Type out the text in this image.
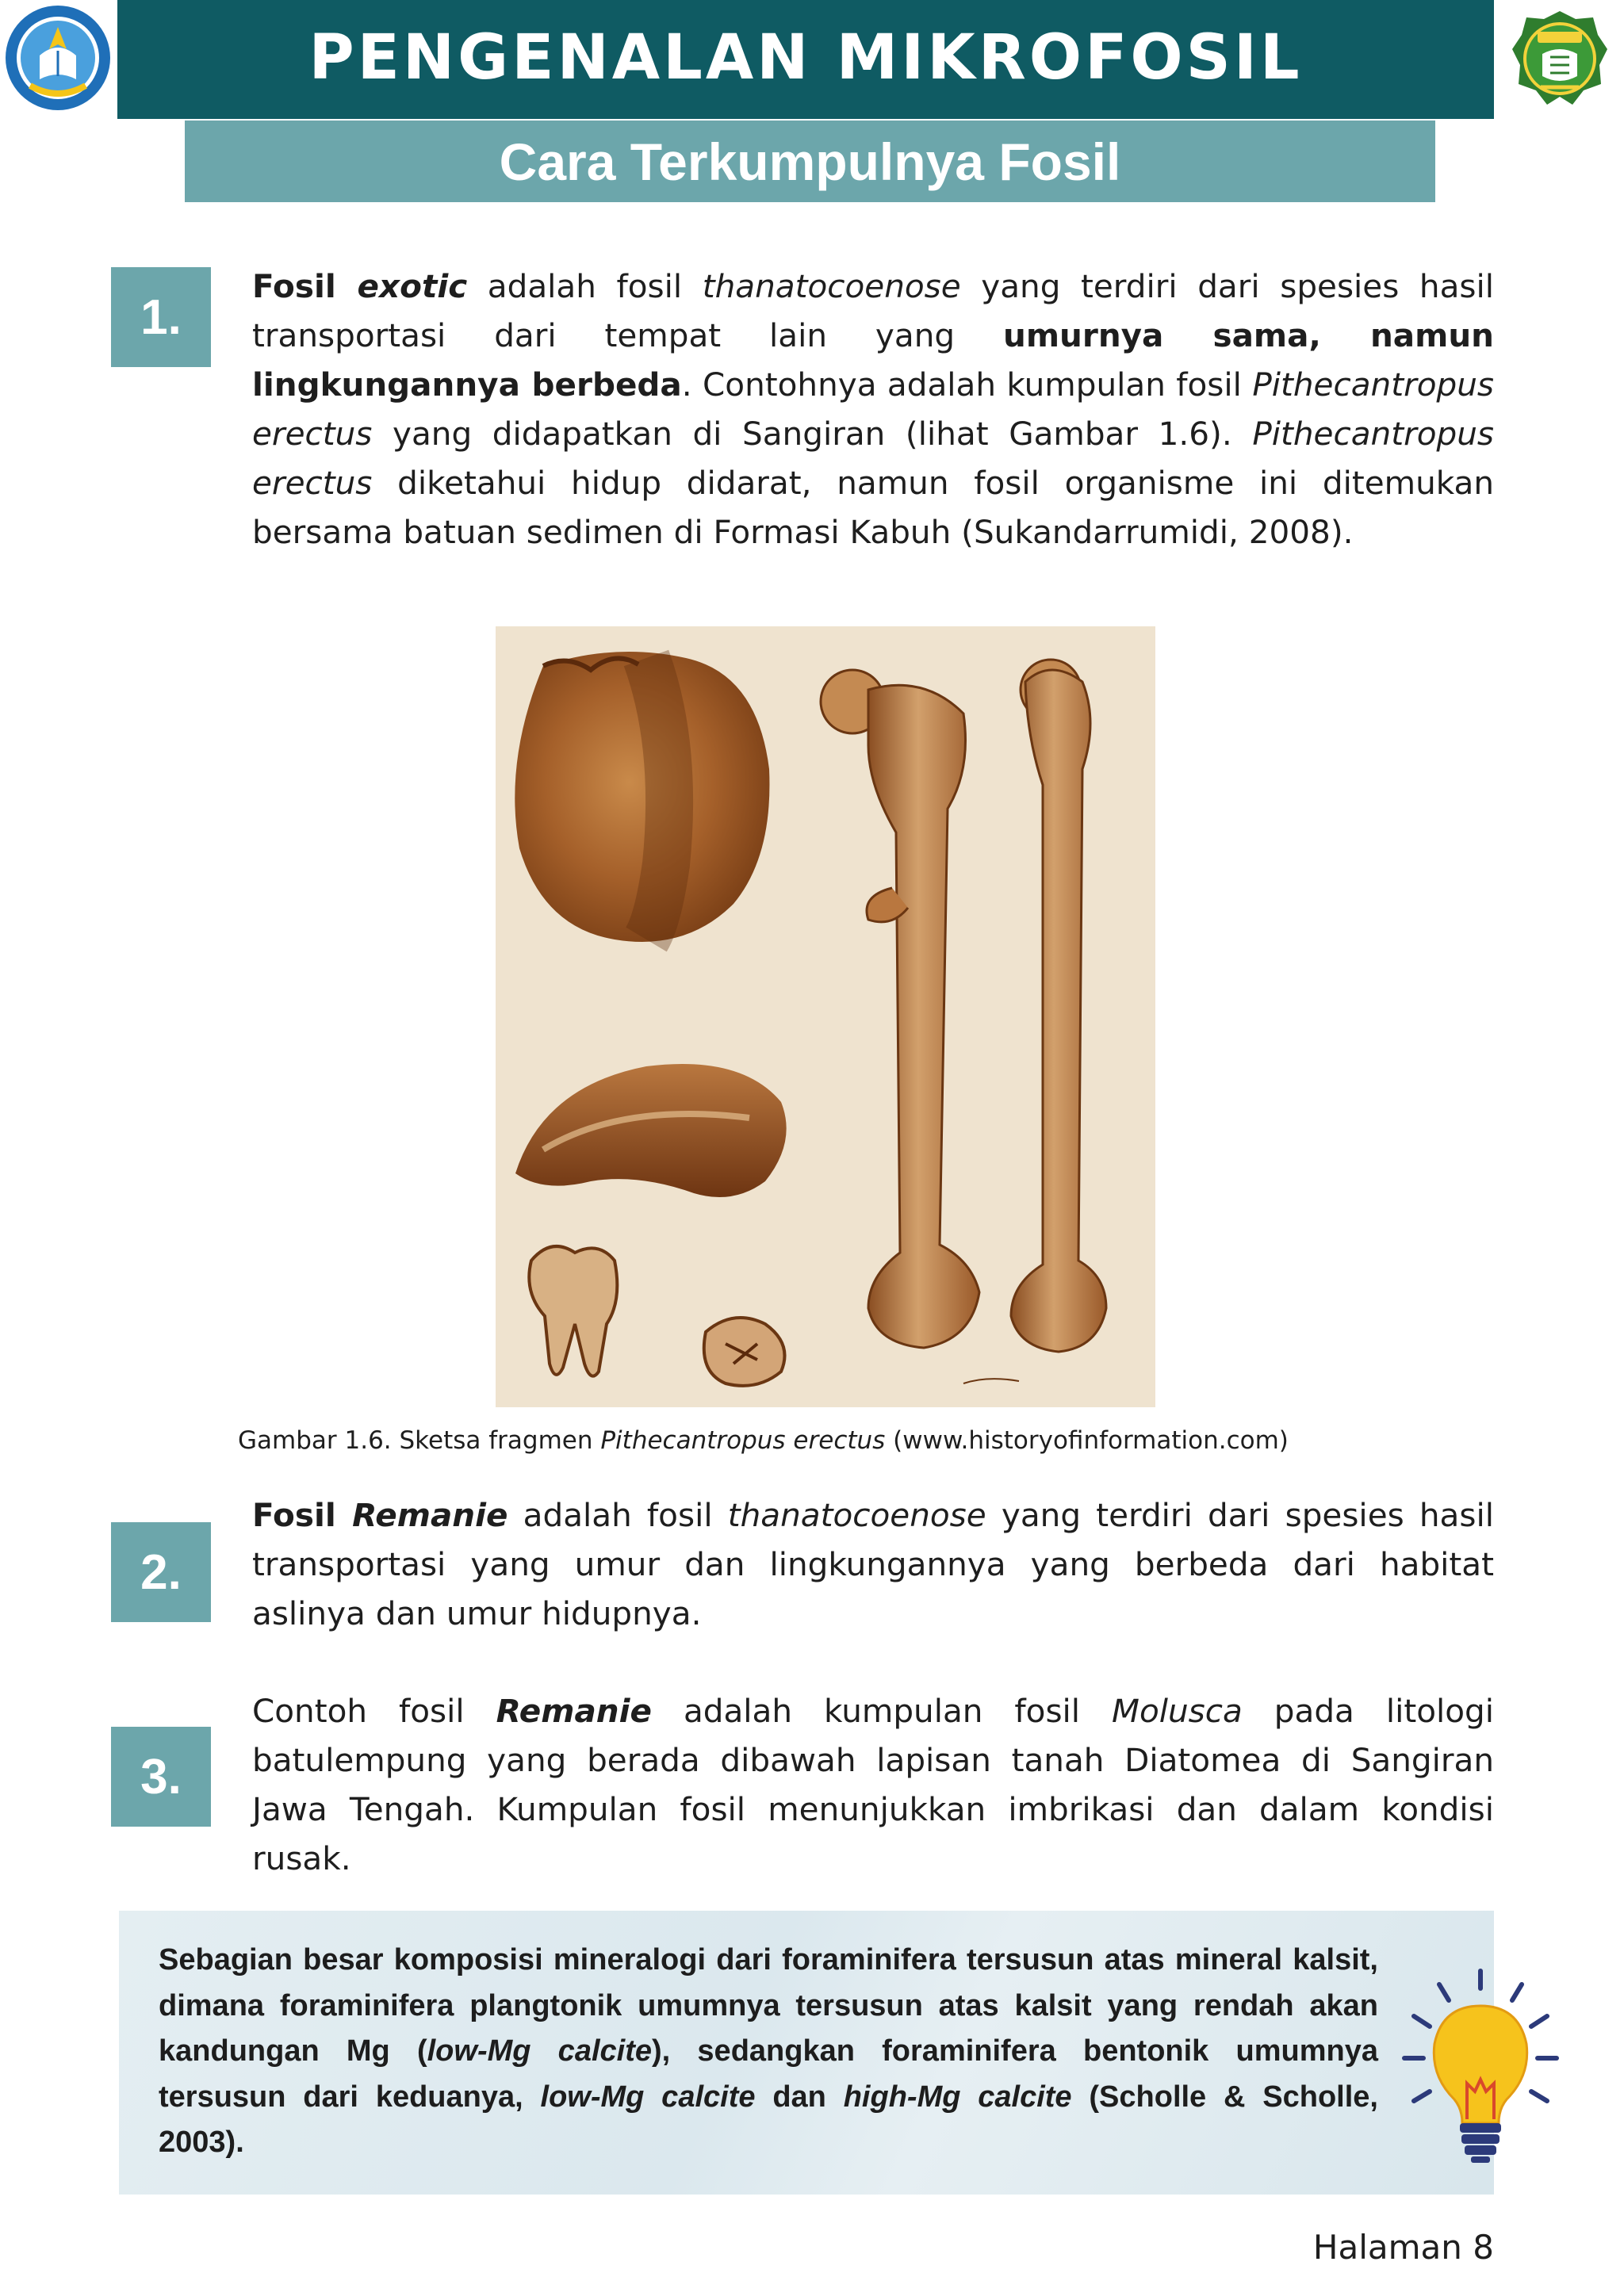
PENGENALAN MIKROFOSIL
Cara Terkumpulnya Fosil
1.
Fosil exotic adalah fosil thanatocoenose yang terdiri dari spesies hasil transportasi dari tempat lain yang umurnya sama, namun lingkungannya berbeda. Contohnya adalah kumpulan fosil Pithecantropus erectus yang didapatkan di Sangiran (lihat Gambar 1.6). Pithecantropus erectus diketahui hidup didarat, namun fosil organisme ini ditemukan bersama batuan sedimen di Formasi Kabuh (Sukandarrumidi, 2008).
Gambar 1.6. Sketsa fragmen Pithecantropus erectus (www.historyofinformation.com)
2.
Fosil Remanie adalah fosil thanatocoenose yang terdiri dari spesies hasil transportasi yang umur dan lingkungannya yang berbeda dari habitat aslinya dan umur hidupnya.
3.
Contoh fosil Remanie adalah kumpulan fosil Molusca pada litologi batulempung yang berada dibawah lapisan tanah Diatomea di Sangiran Jawa Tengah. Kumpulan fosil menunjukkan imbrikasi dan dalam kondisi rusak.
Sebagian besar komposisi mineralogi dari foraminifera tersusun atas mineral kalsit, dimana foraminifera plangtonik umumnya tersusun atas kalsit yang rendah akan kandungan Mg (low-Mg calcite), sedangkan foraminifera bentonik umumnya tersusun dari keduanya, low-Mg calcite dan high-Mg calcite (Scholle & Scholle, 2003).
Halaman 8
